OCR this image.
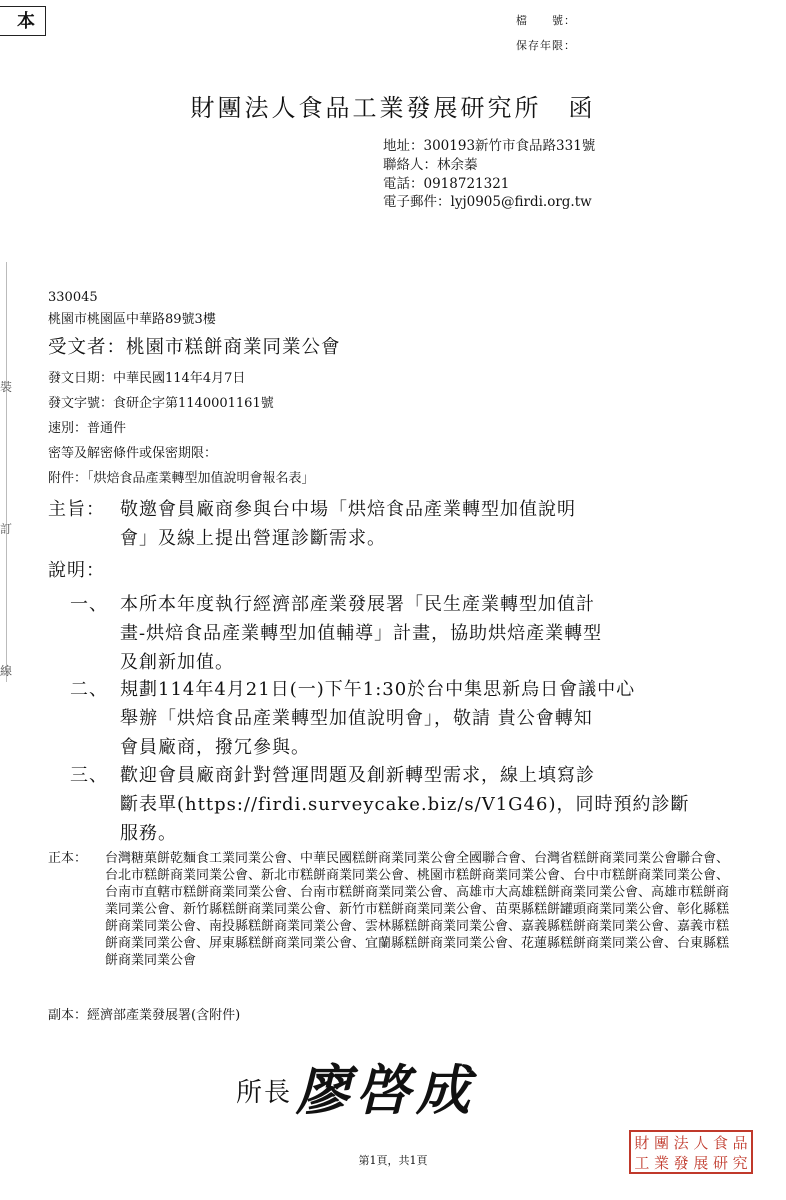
本
裝
訂
線
檔　　號：
保存年限：
財團法人食品工業發展研究所　函
地址：300193新竹市食品路331號
聯絡人：林余蓁
電話：0918721321
電子郵件：lyj0905@firdi.org.tw
330045
桃園市桃園區中華路89號3樓
受文者：桃園市糕餅商業同業公會
發文日期：中華民國114年4月7日
發文字號：食研企字第1140001161號
速別：普通件
密等及解密條件或保密期限：
附件：「烘焙食品產業轉型加值說明會報名表」
主旨： 敬邀會員廠商參與台中場「烘焙食品產業轉型加值說明
會」及線上提出營運診斷需求。
說明：
一、 本所本年度執行經濟部產業發展署「民生產業轉型加值計
畫-烘焙食品產業轉型加值輔導」計畫，協助烘焙產業轉型
及創新加值。
二、 規劃114年4月21日(一)下午1:30於台中集思新烏日會議中心
舉辦「烘焙食品產業轉型加值說明會」，敬請 貴公會轉知
會員廠商，撥冗參與。
三、 歡迎會員廠商針對營運問題及創新轉型需求，線上填寫診
斷表單(https://firdi.surveycake.biz/s/V1G46)，同時預約診斷
服務。
正本： 台灣糖菓餅乾麵食工業同業公會、中華民國糕餅商業同業公會全國聯合會、台灣省糕餅商業同業公會聯合會、台北市糕餅商業同業公會、新北市糕餅商業同業公會、桃園市糕餅商業同業公會、台中市糕餅商業同業公會、台南市直轄市糕餅商業同業公會、台南市糕餅商業同業公會、高雄市大高雄糕餅商業同業公會、高雄市糕餅商業同業公會、新竹縣糕餅商業同業公會、新竹市糕餅商業同業公會、苗栗縣糕餅罐頭商業同業公會、彰化縣糕餅商業同業公會、南投縣糕餅商業同業公會、雲林縣糕餅商業同業公會、嘉義縣糕餅商業同業公會、嘉義市糕餅商業同業公會、屏東縣糕餅商業同業公會、宜蘭縣糕餅商業同業公會、花蓮縣糕餅商業同業公會、台東縣糕餅商業同業公會
副本：經濟部產業發展署(含附件)
所長廖啓成
第1頁，共1頁
財 團 法 人 食 品
工 業 發 展 研 究
